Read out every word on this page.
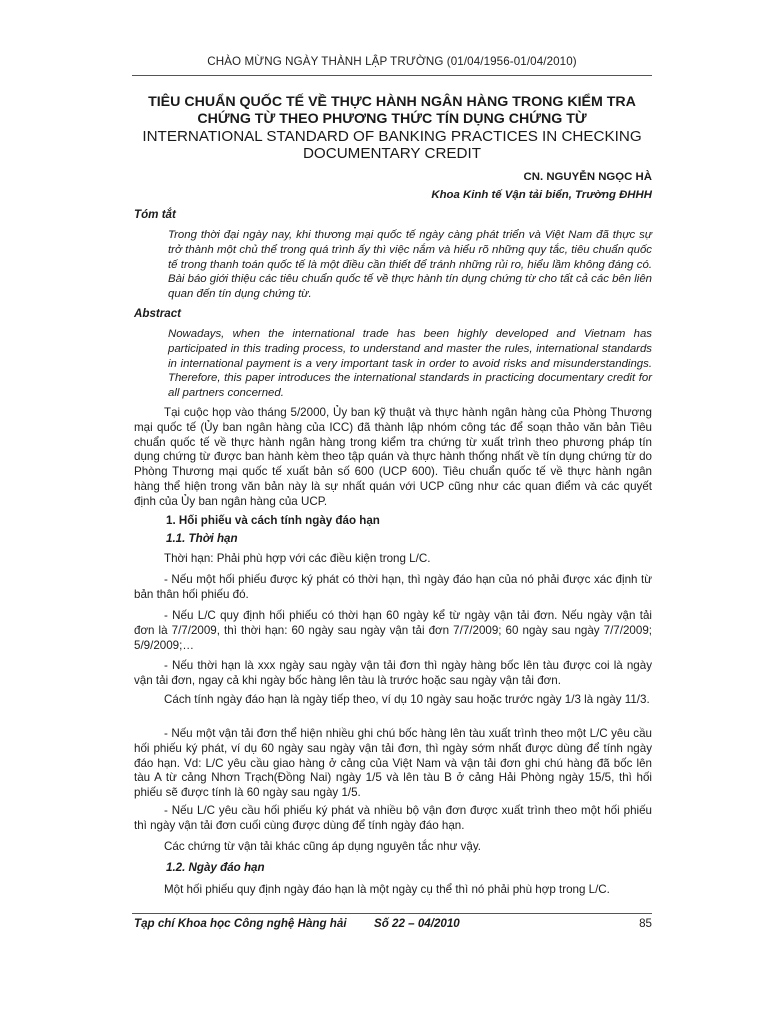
CHÀO MỪNG NGÀY THÀNH LẬP TRƯỜNG (01/04/1956-01/04/2010)
TIÊU CHUẨN QUỐC TẾ VỀ THỰC HÀNH NGÂN HÀNG TRONG KIỂM TRA
CHỨNG TỪ THEO PHƯƠNG THỨC TÍN DỤNG CHỨNG TỪ
INTERNATIONAL STANDARD OF BANKING PRACTICES IN CHECKING
DOCUMENTARY CREDIT
CN. NGUYỄN NGỌC HÀ
Khoa Kinh tế Vận tải biển, Trường ĐHHH
Tóm tắt
Trong thời đại ngày nay, khi thương mại quốc tế ngày càng phát triển và Việt Nam đã thực sự trở thành một chủ thể trong quá trình ấy thì việc nắm và hiểu rõ những quy tắc, tiêu chuẩn quốc tế trong thanh toán quốc tế là một điều cần thiết để tránh những rủi ro, hiểu lầm không đáng có. Bài báo giới thiệu các tiêu chuẩn quốc tế về thực hành tín dụng chứng từ cho tất cả các bên liên quan đến tín dụng chứng từ.
Abstract
Nowadays, when the international trade has been highly developed and Vietnam has participated in this trading process, to understand and master the rules, international standards in international payment is a very important task in order to avoid risks and misunderstandings. Therefore, this paper introduces the international standards in practicing documentary credit for all partners concerned.
Tại cuộc họp vào tháng 5/2000, Ủy ban kỹ thuật và thực hành ngân hàng của Phòng Thương mại quốc tế (Ủy ban ngân hàng của ICC) đã thành lập nhóm công tác để soạn thảo văn bản Tiêu chuẩn quốc tế về thực hành ngân hàng trong kiểm tra chứng từ xuất trình theo phương pháp tín dụng chứng từ được ban hành kèm theo tập quán và thực hành thống nhất về tín dụng chứng từ do Phòng Thương mại quốc tế xuất bản số 600 (UCP 600). Tiêu chuẩn quốc tế về thực hành ngân hàng thể hiện trong văn bản này là sự nhất quán với UCP cũng như các quan điểm và các quyết định của Ủy ban ngân hàng của UCP.
1. Hối phiếu và cách tính ngày đáo hạn
1.1. Thời hạn
Thời hạn: Phải phù hợp với các điều kiện trong L/C.
- Nếu một hối phiếu được ký phát có thời hạn, thì ngày đáo hạn của nó phải được xác định từ bản thân hối phiếu đó.
- Nếu L/C quy định hối phiếu có thời hạn 60 ngày kể từ ngày vận tải đơn. Nếu ngày vận tải đơn là 7/7/2009, thì thời hạn: 60 ngày sau ngày vận tải đơn 7/7/2009; 60 ngày sau ngày 7/7/2009; 5/9/2009;…
- Nếu thời hạn là xxx ngày sau ngày vận tải đơn thì ngày hàng bốc lên tàu được coi là ngày vận tải đơn, ngay cả khi ngày bốc hàng lên tàu là trước hoặc sau ngày vận tải đơn.
Cách tính ngày đáo hạn là ngày tiếp theo, ví dụ 10 ngày sau hoặc trước ngày 1/3 là ngày 11/3.
- Nếu một vận tải đơn thể hiện nhiều ghi chú bốc hàng lên tàu xuất trình theo một L/C yêu cầu hối phiếu ký phát, ví dụ 60 ngày sau ngày vận tải đơn, thì ngày sớm nhất được dùng để tính ngày đáo hạn. Vd: L/C yêu cầu giao hàng ở cảng của Việt Nam và vận tải đơn ghi chú hàng đã bốc lên tàu A từ cảng Nhơn Trạch(Đồng Nai) ngày 1/5 và lên tàu B ở cảng Hải Phòng ngày 15/5, thì hối phiếu sẽ được tính là 60 ngày sau ngày 1/5.
- Nếu L/C yêu cầu hối phiếu ký phát và nhiều bộ vận đơn được xuất trình theo một hối phiếu thì ngày vận tải đơn cuối cùng được dùng để tính ngày đáo hạn.
Các chứng từ vận tải khác cũng áp dụng nguyên tắc như vậy.
1.2. Ngày đáo hạn
Một hối phiếu quy định ngày đáo hạn là một ngày cụ thể thì nó phải phù hợp trong L/C.
Tạp chí Khoa học Công nghệ Hàng hải Số 22 – 04/2010	85
